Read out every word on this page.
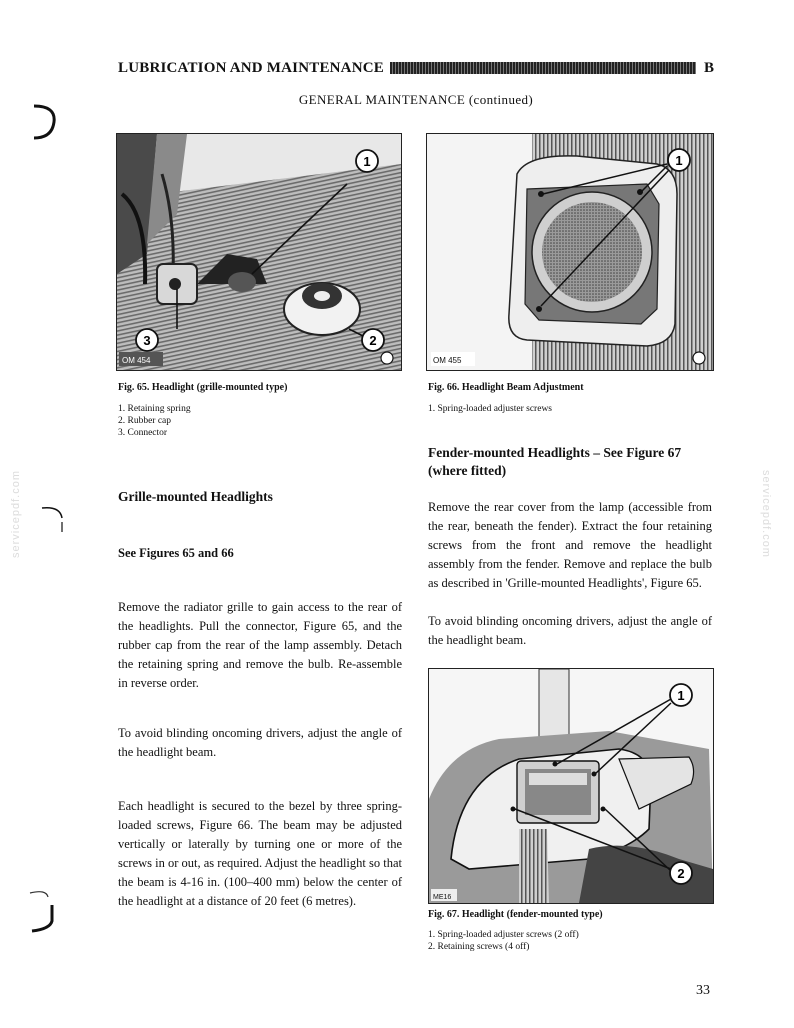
servicepdf.com	servicepdf.com
LUBRICATION AND MAINTENANCE	B
GENERAL MAINTENANCE (continued)
1
2
3
OM 454
Fig. 65. Headlight (grille-mounted type)
1. Retaining spring
2. Rubber cap
3. Connector
1
OM 455
Fig. 66. Headlight Beam Adjustment
1. Spring-loaded adjuster screws
Grille-mounted Headlights
See Figures 65 and 66

Remove the radiator grille to gain access to the rear of the headlights. Pull the connector, Figure 65, and the rubber cap from the rear of the lamp assembly. Detach the retaining spring and remove the bulb. Re-assemble in reverse order.

To avoid blinding oncoming drivers, adjust the angle of the headlight beam.

Each headlight is secured to the bezel by three spring-loaded screws, Figure 66. The beam may be adjusted vertically or laterally by turning one or more of the screws in or out, as required. Adjust the headlight so that the beam is 4-16 in. (100–400 mm) below the center of the headlight at a distance of 20 feet (6 metres).

Fender-mounted Headlights – See Figure 67 (where fitted)

Remove the rear cover from the lamp (accessible from the rear, beneath the fender). Extract the four retaining screws from the front and remove the headlight assembly from the fender. Remove and replace the bulb as described in 'Grille-mounted Headlights', Figure 65.

To avoid blinding oncoming drivers, adjust the angle of the headlight beam.

1
2
ME16
Fig. 67. Headlight (fender-mounted type)
1. Spring-loaded adjuster screws (2 off)
2. Retaining screws (4 off)
33
